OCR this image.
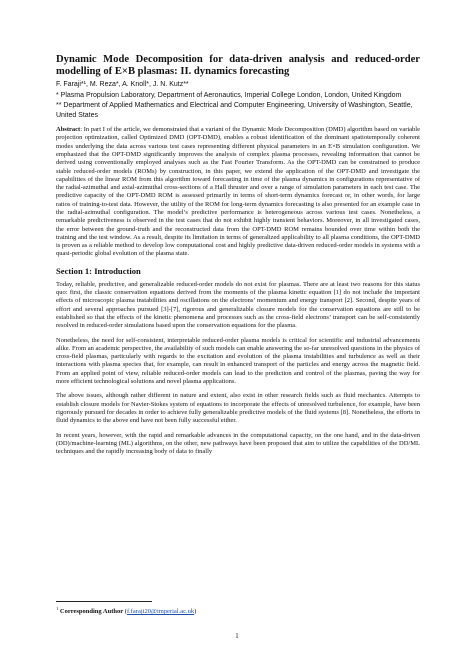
Dynamic Mode Decomposition for data-driven analysis and reduced-order modelling of E×B plasmas: II. dynamics forecasting

F. Faraji*¹, M. Reza*, A. Knoll*, J. N. Kutz**

* Plasma Propulsion Laboratory, Department of Aeronautics, Imperial College London, London, United Kingdom

** Department of Applied Mathematics and Electrical and Computer Engineering, University of Washington, Seattle, United States

Abstract: In part I of the article, we demonstrated that a variant of the Dynamic Mode Decomposition (DMD) algorithm based on variable projection optimization, called Optimized DMD (OPT-DMD), enables a robust identification of the dominant spatiotemporally coherent modes underlying the data across various test cases representing different physical parameters in an E×B simulation configuration. We emphasized that the OPT-DMD significantly improves the analysis of complex plasma processes, revealing information that cannot be derived using conventionally employed analyses such as the Fast Fourier Transform. As the OPT-DMD can be constrained to produce stable reduced-order models (ROMs) by construction, in this paper, we extend the application of the OPT-DMD and investigate the capabilities of the linear ROM from this algorithm toward forecasting in time of the plasma dynamics in configurations representative of the radial-azimuthal and axial-azimuthal cross-sections of a Hall thruster and over a range of simulation parameters in each test case. The predictive capacity of the OPT-DMD ROM is assessed primarily in terms of short-term dynamics forecast or, in other words, for large ratios of training-to-test data. However, the utility of the ROM for long-term dynamics forecasting is also presented for an example case in the radial-azimuthal configuration. The model’s predictive performance is heterogeneous across various test cases. Nonetheless, a remarkable predictiveness is observed in the test cases that do not exhibit highly transient behaviors. Moreover, in all investigated cases, the error between the ground-truth and the reconstructed data from the OPT-DMD ROM remains bounded over time within both the training and the test window. As a result, despite its limitation in terms of generalized applicability to all plasma conditions, the OPT-DMD is proven as a reliable method to develop low computational cost and highly predictive data-driven reduced-order models in systems with a quasi-periodic global evolution of the plasma state.

Section 1: Introduction

Today, reliable, predictive, and generalizable reduced-order models do not exist for plasmas. There are at least two reasons for this status quo: first, the classic conservation equations derived from the moments of the plasma kinetic equation [1] do not include the important effects of microscopic plasma instabilities and oscillations on the electrons’ momentum and energy transport [2]. Second, despite years of effort and several approaches pursued [3]-[7], rigorous and generalizable closure models for the conservation equations are still to be established so that the effects of the kinetic phenomena and processes such as the cross-field electrons’ transport can be self-consistently resolved in reduced-order simulations based upon the conservation equations for the plasma.

Nonetheless, the need for self-consistent, interpretable reduced-order plasma models is critical for scientific and industrial advancements alike. From an academic perspective, the availability of such models can enable answering the so-far unresolved questions in the physics of cross-field plasmas, particularly with regards to the excitation and evolution of the plasma instabilities and turbulence as well as their interactions with plasma species that, for example, can result in enhanced transport of the particles and energy across the magnetic field. From an applied point of view, reliable reduced-order models can lead to the prediction and control of the plasmas, paving the way for more efficient technological solutions and novel plasma applications.

The above issues, although rather different in nature and extent, also exist in other research fields such as fluid mechanics. Attempts to establish closure models for Navier-Stokes system of equations to incorporate the effects of unresolved turbulence, for example, have been rigorously pursued for decades in order to achieve fully generalizable predictive models of the fluid systems [8]. Nonetheless, the efforts in fluid dynamics to the above end have not been fully successful either.

In recent years, however, with the rapid and remarkable advances in the computational capacity, on the one hand, and in the data-driven (DD)/machine-learning (ML) algorithms, on the other, new pathways have been proposed that aim to utilize the capabilities of the DD/ML techniques and the rapidly increasing body of data to finally

$^1$ Corresponding Author (f.faraji20@imperial.ac.uk)
1
